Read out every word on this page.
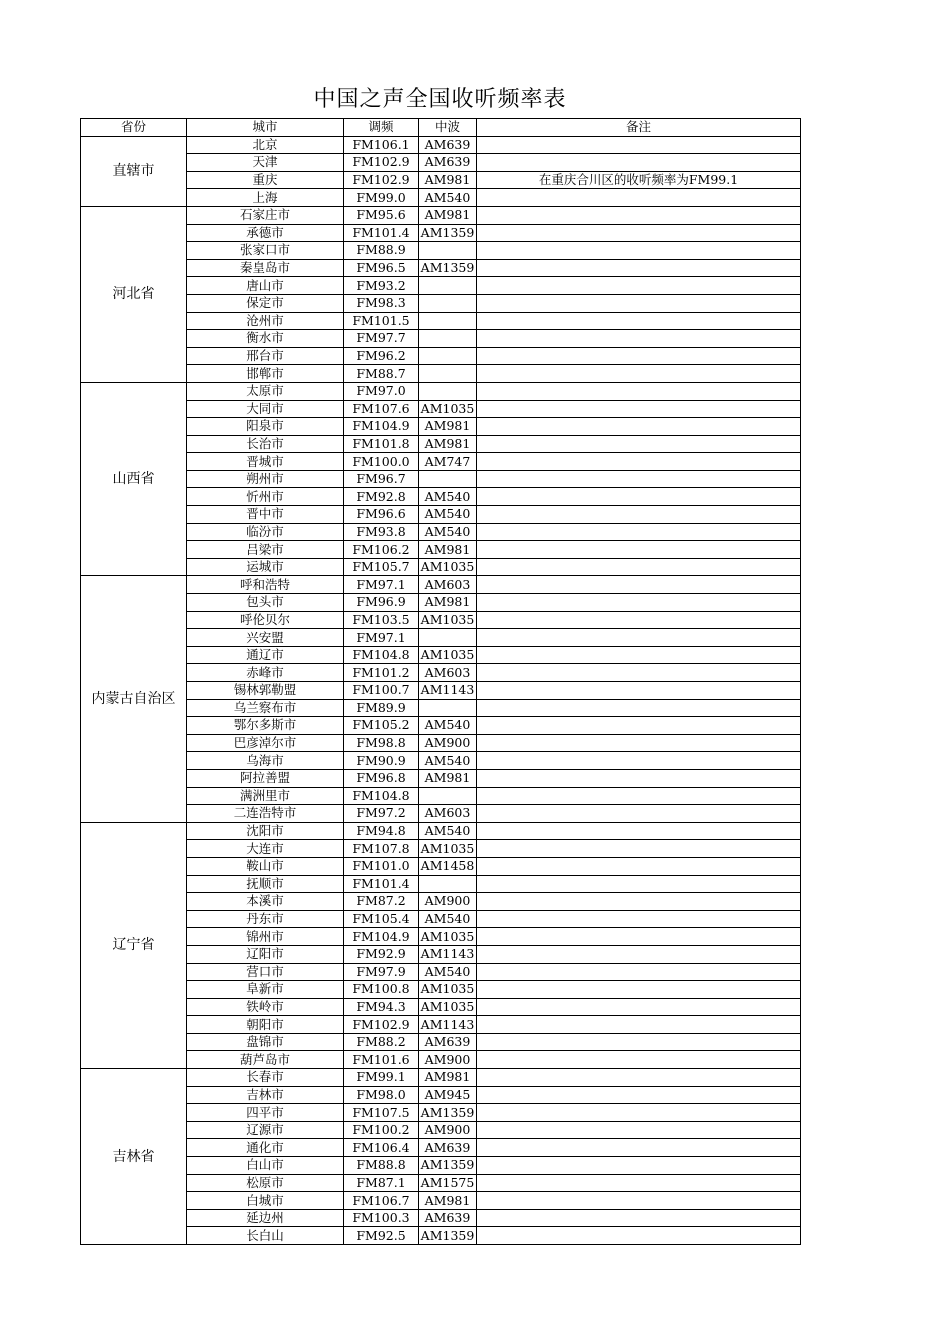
中国之声全国收听频率表
省份	城市	调频	中波	备注
直辖市	北京	FM106.1	AM639	
	天津	FM102.9	AM639	
	重庆	FM102.9	AM981	在重庆合川区的收听频率为FM99.1
	上海	FM99.0	AM540	
河北省	石家庄市	FM95.6	AM981	
	承德市	FM101.4	AM1359	
	张家口市	FM88.9		
	秦皇岛市	FM96.5	AM1359	
	唐山市	FM93.2		
	保定市	FM98.3		
	沧州市	FM101.5		
	衡水市	FM97.7		
	邢台市	FM96.2		
	邯郸市	FM88.7		
山西省	太原市	FM97.0		
	大同市	FM107.6	AM1035	
	阳泉市	FM104.9	AM981	
	长治市	FM101.8	AM981	
	晋城市	FM100.0	AM747	
	朔州市	FM96.7		
	忻州市	FM92.8	AM540	
	晋中市	FM96.6	AM540	
	临汾市	FM93.8	AM540	
	吕梁市	FM106.2	AM981	
	运城市	FM105.7	AM1035	
内蒙古自治区	呼和浩特	FM97.1	AM603	
	包头市	FM96.9	AM981	
	呼伦贝尔	FM103.5	AM1035	
	兴安盟	FM97.1		
	通辽市	FM104.8	AM1035	
	赤峰市	FM101.2	AM603	
	锡林郭勒盟	FM100.7	AM1143	
	乌兰察布市	FM89.9		
	鄂尔多斯市	FM105.2	AM540	
	巴彦淖尔市	FM98.8	AM900	
	乌海市	FM90.9	AM540	
	阿拉善盟	FM96.8	AM981	
	满洲里市	FM104.8		
	二连浩特市	FM97.2	AM603	
辽宁省	沈阳市	FM94.8	AM540	
	大连市	FM107.8	AM1035	
	鞍山市	FM101.0	AM1458	
	抚顺市	FM101.4		
	本溪市	FM87.2	AM900	
	丹东市	FM105.4	AM540	
	锦州市	FM104.9	AM1035	
	辽阳市	FM92.9	AM1143	
	营口市	FM97.9	AM540	
	阜新市	FM100.8	AM1035	
	铁岭市	FM94.3	AM1035	
	朝阳市	FM102.9	AM1143	
	盘锦市	FM88.2	AM639	
	葫芦岛市	FM101.6	AM900	
吉林省	长春市	FM99.1	AM981	
	吉林市	FM98.0	AM945	
	四平市	FM107.5	AM1359	
	辽源市	FM100.2	AM900	
	通化市	FM106.4	AM639	
	白山市	FM88.8	AM1359	
	松原市	FM87.1	AM1575	
	白城市	FM106.7	AM981	
	延边州	FM100.3	AM639	
	长白山	FM92.5	AM1359	
